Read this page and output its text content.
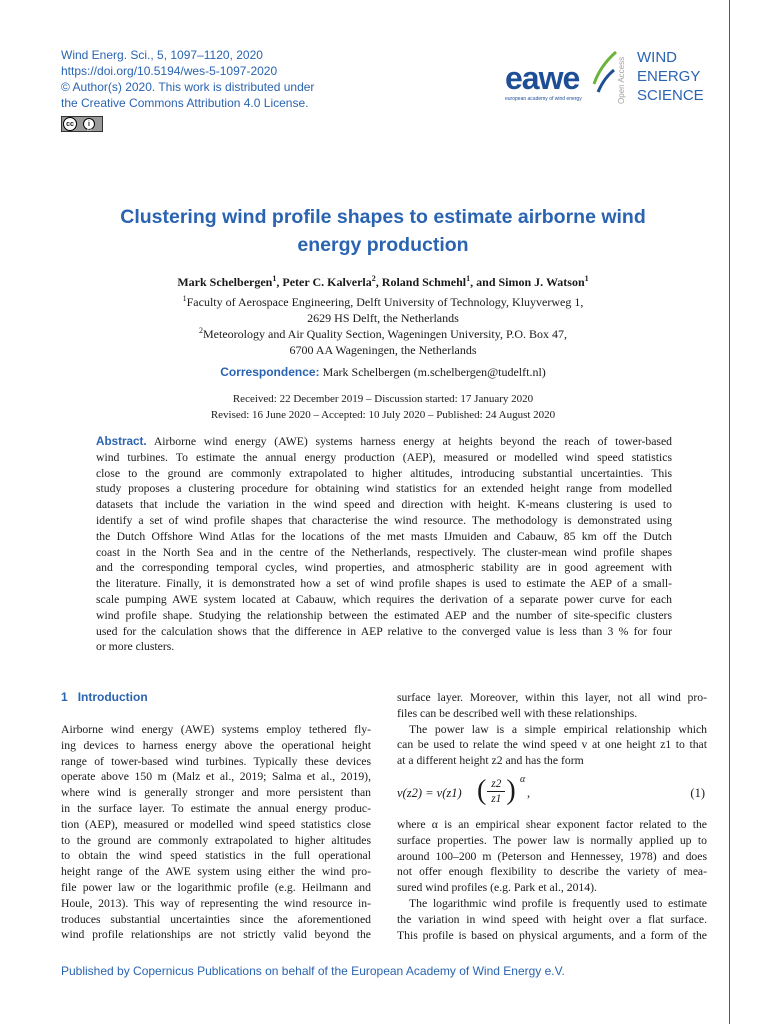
Wind Energ. Sci., 5, 1097–1120, 2020
https://doi.org/10.5194/wes-5-1097-2020
© Author(s) 2020. This work is distributed under
the Creative Commons Attribution 4.0 License.
cc	i
BY
eawe
european academy of wind energy	Open Access WIND
ENERGY
SCIENCE
Clustering wind profile shapes to estimate airborne wind
energy production
Mark Schelbergen$^1$, Peter C. Kalverla$^2$, Roland Schmehl$^1$, and Simon J. Watson$^1$
$^1$Faculty of Aerospace Engineering, Delft University of Technology, Kluyverweg 1,
2629 HS Delft, the Netherlands
$^2$Meteorology and Air Quality Section, Wageningen University, P.O. Box 47,
6700 AA Wageningen, the Netherlands
Correspondence: Mark Schelbergen (m.schelbergen@tudelft.nl)
Received: 22 December 2019 – Discussion started: 17 January 2020
Revised: 16 June 2020 – Accepted: 10 July 2020 – Published: 24 August 2020
Abstract. Airborne wind energy (AWE) systems harness energy at heights beyond the reach of tower-based
wind turbines. To estimate the annual energy production (AEP), measured or modelled wind speed statistics
close to the ground are commonly extrapolated to higher altitudes, introducing substantial uncertainties. This
study proposes a clustering procedure for obtaining wind statistics for an extended height range from modelled
datasets that include the variation in the wind speed and direction with height. K-means clustering is used to
identify a set of wind profile shapes that characterise the wind resource. The methodology is demonstrated using
the Dutch Offshore Wind Atlas for the locations of the met masts IJmuiden and Cabauw, 85 km off the Dutch
coast in the North Sea and in the centre of the Netherlands, respectively. The cluster-mean wind profile shapes
and the corresponding temporal cycles, wind properties, and atmospheric stability are in good agreement with
the literature. Finally, it is demonstrated how a set of wind profile shapes is used to estimate the AEP of a small-
scale pumping AWE system located at Cabauw, which requires the derivation of a separate power curve for each
wind profile shape. Studying the relationship between the estimated AEP and the number of site-specific clusters
used for the calculation shows that the difference in AEP relative to the converged value is less than 3 % for four
or more clusters.
1 Introduction
Airborne wind energy (AWE) systems employ tethered fly-
ing devices to harness energy above the operational height
range of tower-based wind turbines. Typically these devices
operate above 150 m (Malz et al., 2019; Salma et al., 2019),
where wind is generally stronger and more persistent than
in the surface layer. To estimate the annual energy produc-
tion (AEP), measured or modelled wind speed statistics close
to the ground are commonly extrapolated to higher altitudes
to obtain the wind speed statistics in the full operational
height range of the AWE system using either the wind pro-
file power law or the logarithmic profile (e.g. Heilmann and
Houle, 2013). This way of representing the wind resource in-
troduces substantial uncertainties since the aforementioned
wind profile relationships are not strictly valid beyond the
surface layer. Moreover, within this layer, not all wind pro-
files can be described well with these relationships.
The power law is a simple empirical relationship which
can be used to relate the wind speed v at one height z1 to that
at a different height z2 and has the form
v(z2) = v(z1) ( z2
z1 ) α
,	(1)
where α is an empirical shear exponent factor related to the
surface properties. The power law is normally applied up to
around 100–200 m (Peterson and Hennessey, 1978) and does
not offer enough flexibility to describe the variety of mea-
sured wind profiles (e.g. Park et al., 2014).
The logarithmic wind profile is frequently used to estimate
the variation in wind speed with height over a flat surface.
This profile is based on physical arguments, and a form of the
Published by Copernicus Publications on behalf of the European Academy of Wind Energy e.V.
